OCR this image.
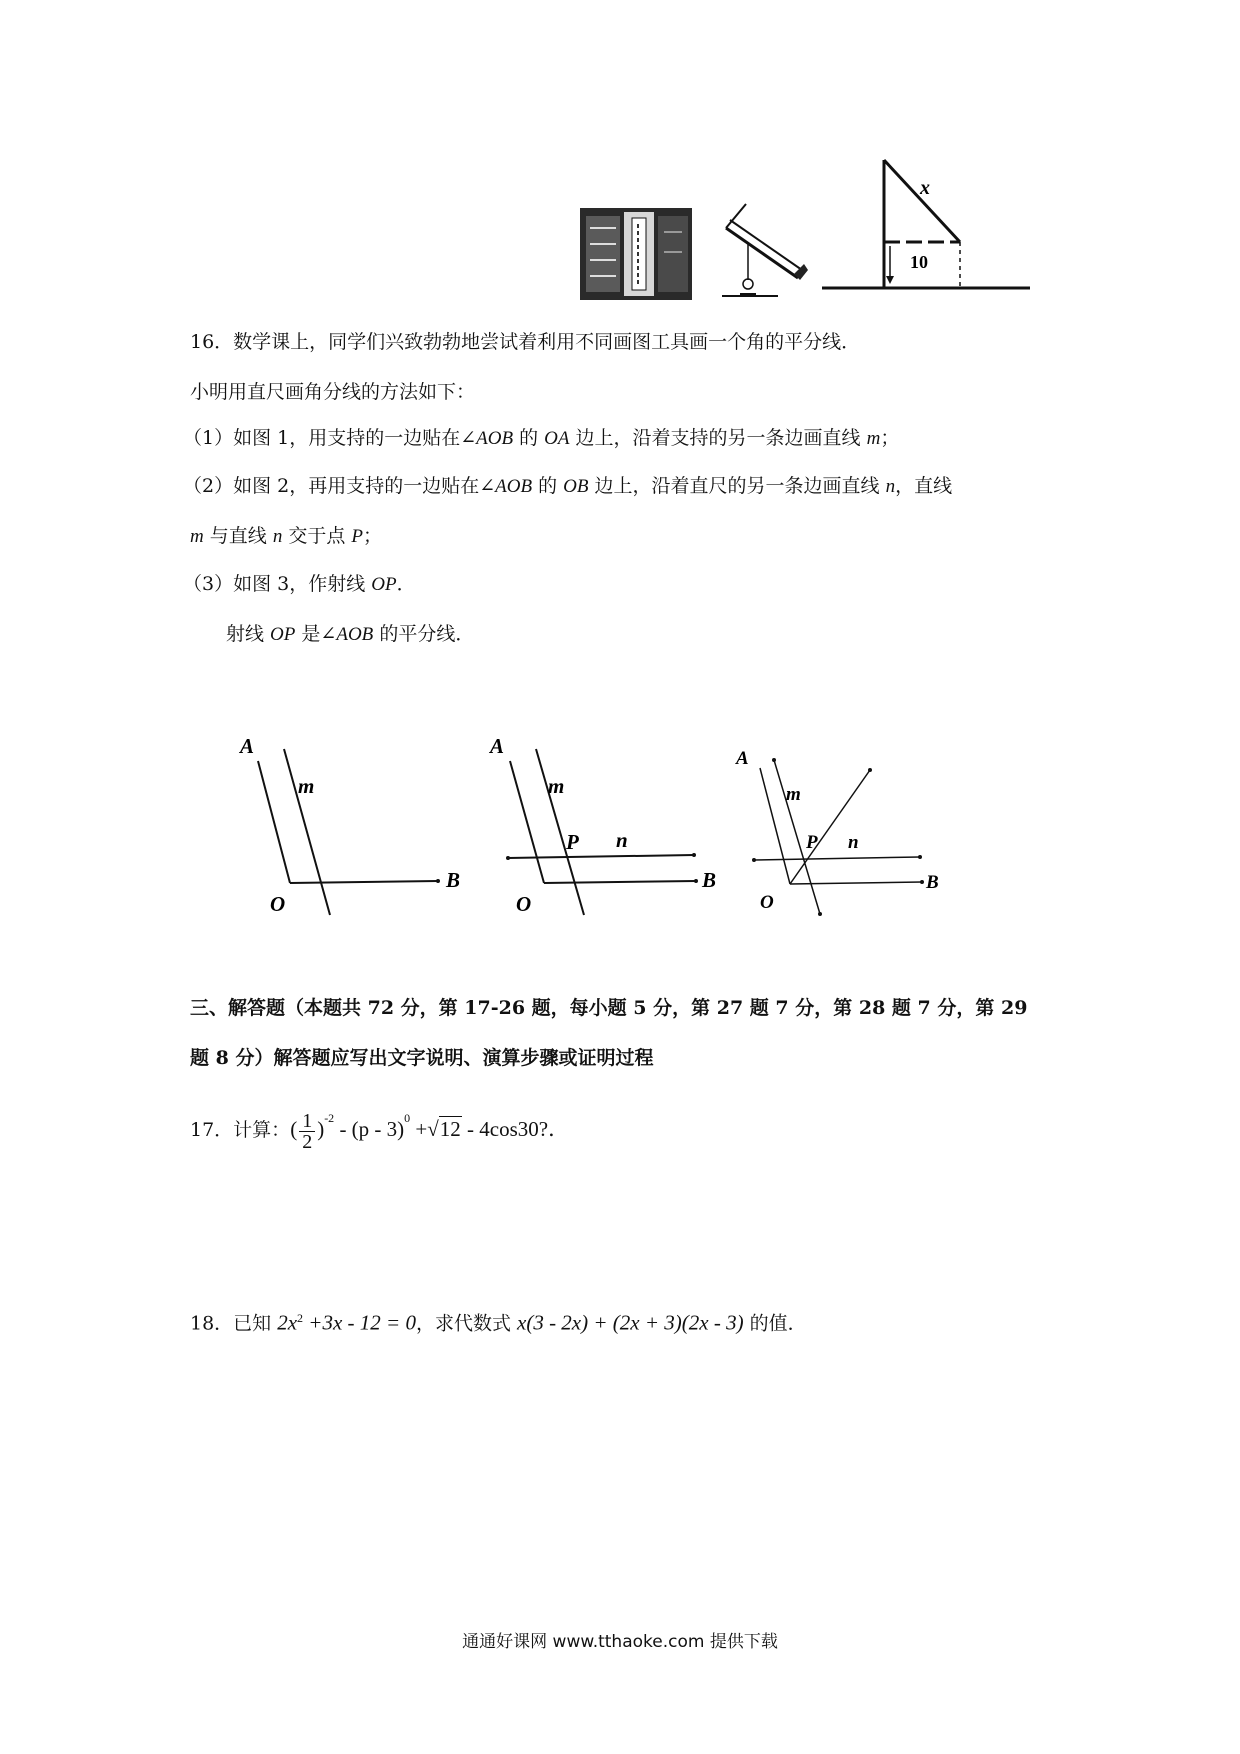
x
10
16．数学课上，同学们兴致勃勃地尝试着利用不同画图工具画一个角的平分线．
小明用直尺画角分线的方法如下：
（1）如图 1，用支持的一边贴在∠AOB 的 OA 边上，沿着支持的另一条边画直线 m；
（2）如图 2，再用支持的一边贴在∠AOB 的 OB 边上，沿着直尺的另一条边画直线 n，直线
m 与直线 n 交于点 P；
（3）如图 3，作射线 OP．
射线 OP 是∠AOB 的平分线．
A
m
O
B
A
m
P n
O
B
A
m
P n
O
B
三、解答题（本题共 72 分，第 17-26 题，每小题 5 分，第 27 题 7 分，第 28 题 7 分，第 29
题 8 分）解答题应写出文字说明、演算步骤或证明过程
17．计算：( $\frac{1}{2} )^{-2} - (p - 3)^0 +√12 - 4\cos 30$?．
18．已知 $2x^2 +3x - 12 = 0$，求代数式 x(3 - 2x) + (2x + 3)(2x - 3) 的值．
通通好课网 www.tthaoke.com 提供下载
